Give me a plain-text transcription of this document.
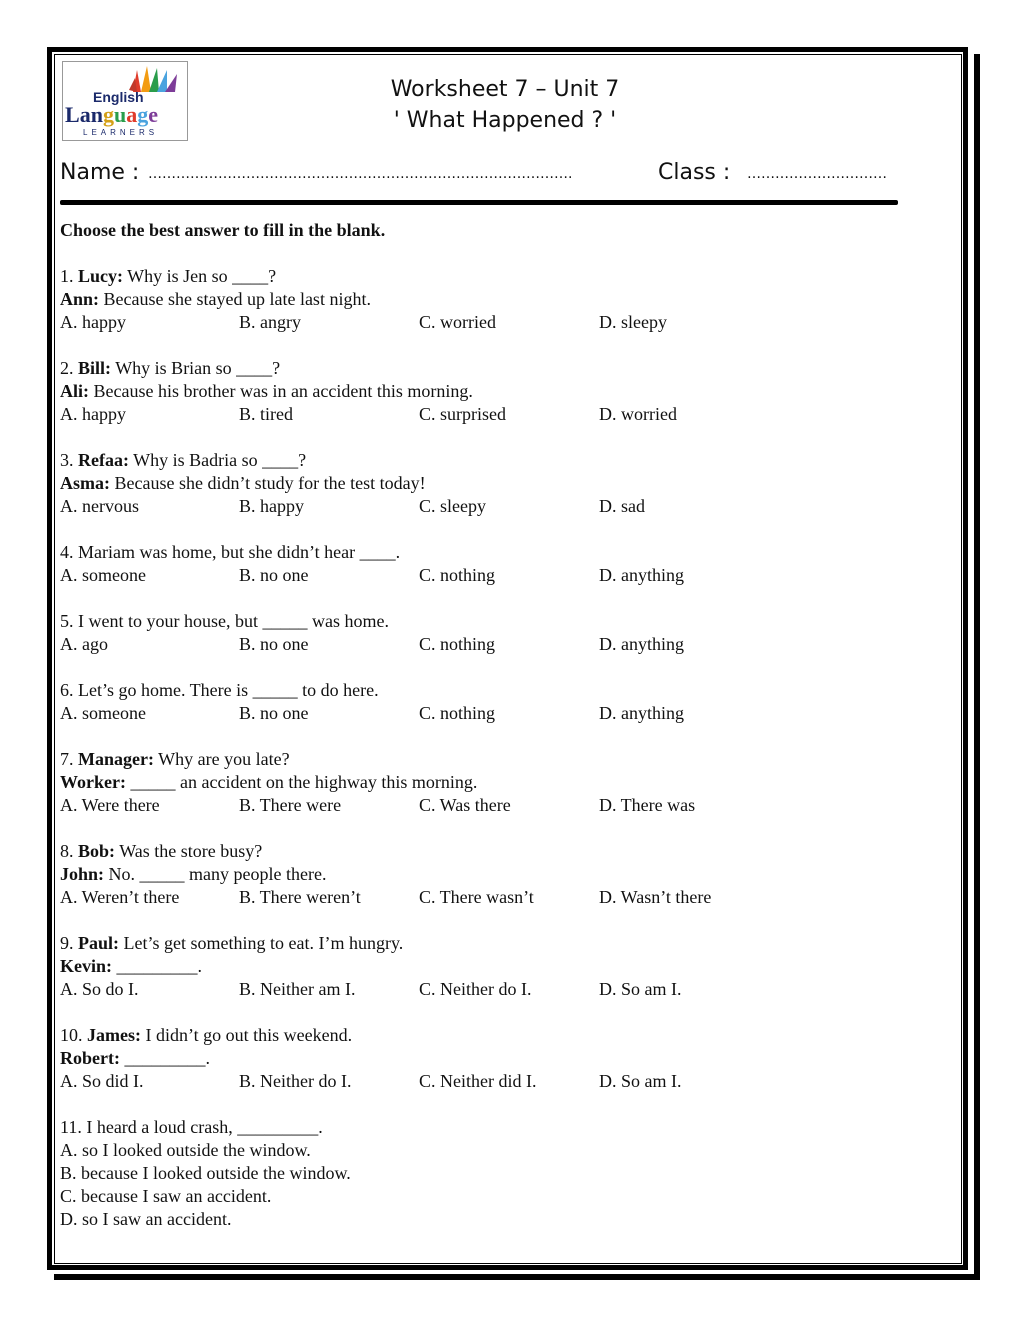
English
Language
LEARNERS
Worksheet 7 – Unit 7
' What Happened ? '
Name : ……………………………………………………………………………….	Class : …………………………
Choose the best answer to fill in the blank.
1. Lucy: Why is Jen so ____?
Ann: Because she stayed up late last night.
A. happy	B. angry	C. worried	D. sleepy
2. Bill: Why is Brian so ____?
Ali: Because his brother was in an accident this morning.
A. happy	B. tired	C. surprised	D. worried
3. Refaa: Why is Badria so ____?
Asma: Because she didn’t study for the test today!
A. nervous	B. happy	C. sleepy	D. sad
4. Mariam was home, but she didn’t hear ____.
A. someone	B. no one	C. nothing	D. anything
5. I went to your house, but _____ was home.
A. ago	B. no one	C. nothing	D. anything
6. Let’s go home. There is _____ to do here.
A. someone	B. no one	C. nothing	D. anything
7. Manager: Why are you late?
Worker: _____ an accident on the highway this morning.
A. Were there	B. There were	C. Was there	D. There was
8. Bob: Was the store busy?
John: No. _____ many people there.
A. Weren’t there	B. There weren’t	C. There wasn’t	D. Wasn’t there
9. Paul: Let’s get something to eat. I’m hungry.
Kevin: _________.
A. So do I.	B. Neither am I.	C. Neither do I.	D. So am I.
10. James: I didn’t go out this weekend.
Robert: _________.
A. So did I.	B. Neither do I.	C. Neither did I.	D. So am I.
11. I heard a loud crash, _________.
A. so I looked outside the window.
B. because I looked outside the window.
C. because I saw an accident.
D. so I saw an accident.
